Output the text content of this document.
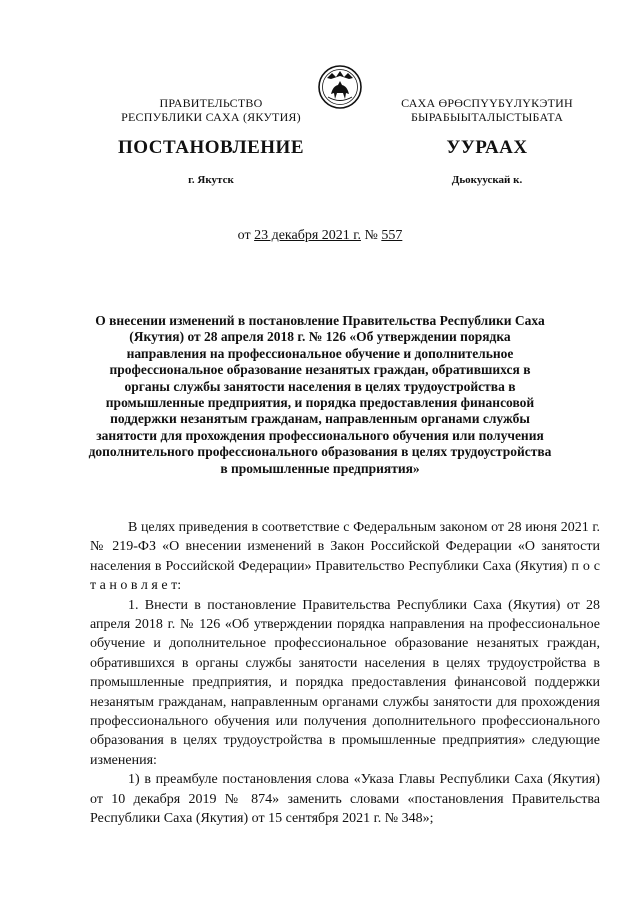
ПРАВИТЕЛЬСТВО
РЕСПУБЛИКИ САХА (ЯКУТИЯ)
САХА ӨРӨСПҮҮБҮЛҮКЭТИН
БЫРАБЫЫТАЛЫСТЫБАТА
ПОСТАНОВЛЕНИЕ	УУРААХ
г. Якутск	Дьокуускай к.
от 23 декабря 2021 г. № 557
О внесении изменений в постановление Правительства Республики Саха (Якутия) от 28 апреля 2018 г. № 126 «Об утверждении порядка направления на профессиональное обучение и дополнительное профессиональное образование незанятых граждан, обратившихся в органы службы занятости населения в целях трудоустройства в промышленные предприятия, и порядка предоставления финансовой поддержки незанятым гражданам, направленным органами службы занятости для прохождения профессионального обучения или получения дополнительного профессионального образования в целях трудоустройства в промышленные предприятия»

В целях приведения в соответствие с Федеральным законом от 28 июня 2021 г. № 219-ФЗ «О внесении изменений в Закон Российской Федерации «О занятости населения в Российской Федерации» Правительство Республики Саха (Якутия) п о с т а н о в л я е т:

1. Внести в постановление Правительства Республики Саха (Якутия) от 28 апреля 2018 г. № 126 «Об утверждении порядка направления на профессиональное обучение и дополнительное профессиональное образование незанятых граждан, обратившихся в органы службы занятости населения в целях трудоустройства в промышленные предприятия, и порядка предоставления финансовой поддержки незанятым гражданам, направленным органами службы занятости для прохождения профессионального обучения или получения дополнительного профессионального образования в целях трудоустройства в промышленные предприятия» следующие изменения:

1) в преамбуле постановления слова «Указа Главы Республики Саха (Якутия) от 10 декабря 2019 № 874» заменить словами «постановления Правительства Республики Саха (Якутия) от 15 сентября 2021 г. № 348»;
